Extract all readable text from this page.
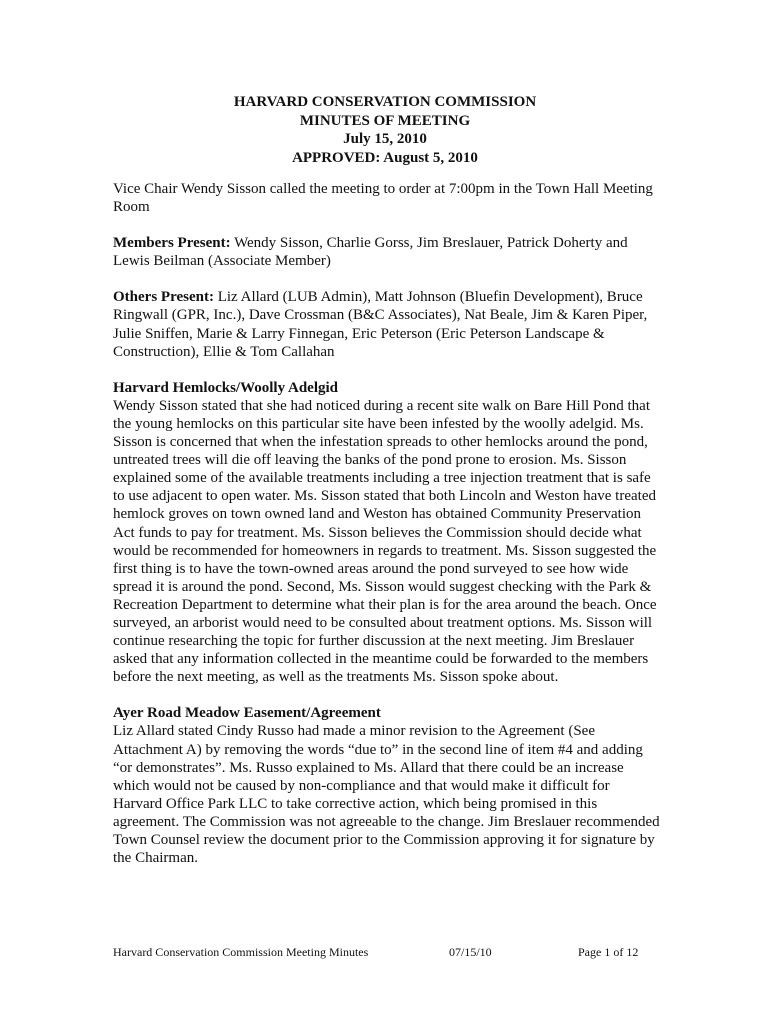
HARVARD CONSERVATION COMMISSION
MINUTES OF MEETING
July 15, 2010
APPROVED: August 5, 2010

Vice Chair Wendy Sisson called the meeting to order at 7:00pm in the Town Hall Meeting Room

Members Present: Wendy Sisson, Charlie Gorss, Jim Breslauer, Patrick Doherty and Lewis Beilman (Associate Member)

Others Present: Liz Allard (LUB Admin), Matt Johnson (Bluefin Development), Bruce Ringwall (GPR, Inc.), Dave Crossman (B&C Associates), Nat Beale, Jim & Karen Piper, Julie Sniffen, Marie & Larry Finnegan, Eric Peterson (Eric Peterson Landscape & Construction), Ellie & Tom Callahan

Harvard Hemlocks/Woolly Adelgid
Wendy Sisson stated that she had noticed during a recent site walk on Bare Hill Pond that the young hemlocks on this particular site have been infested by the woolly adelgid. Ms. Sisson is concerned that when the infestation spreads to other hemlocks around the pond, untreated trees will die off leaving the banks of the pond prone to erosion. Ms. Sisson explained some of the available treatments including a tree injection treatment that is safe to use adjacent to open water. Ms. Sisson stated that both Lincoln and Weston have treated hemlock groves on town owned land and Weston has obtained Community Preservation Act funds to pay for treatment. Ms. Sisson believes the Commission should decide what would be recommended for homeowners in regards to treatment. Ms. Sisson suggested the first thing is to have the town-owned areas around the pond surveyed to see how wide spread it is around the pond. Second, Ms. Sisson would suggest checking with the Park & Recreation Department to determine what their plan is for the area around the beach. Once surveyed, an arborist would need to be consulted about treatment options. Ms. Sisson will continue researching the topic for further discussion at the next meeting. Jim Breslauer asked that any information collected in the meantime could be forwarded to the members before the next meeting, as well as the treatments Ms. Sisson spoke about.

Ayer Road Meadow Easement/Agreement
Liz Allard stated Cindy Russo had made a minor revision to the Agreement (See Attachment A) by removing the words “due to” in the second line of item #4 and adding “or demonstrates”. Ms. Russo explained to Ms. Allard that there could be an increase which would not be caused by non-compliance and that would make it difficult for Harvard Office Park LLC to take corrective action, which being promised in this agreement. The Commission was not agreeable to the change. Jim Breslauer recommended Town Counsel review the document prior to the Commission approving it for signature by the Chairman.

Harvard Conservation Commission Meeting Minutes	07/15/10	Page 1 of 12
